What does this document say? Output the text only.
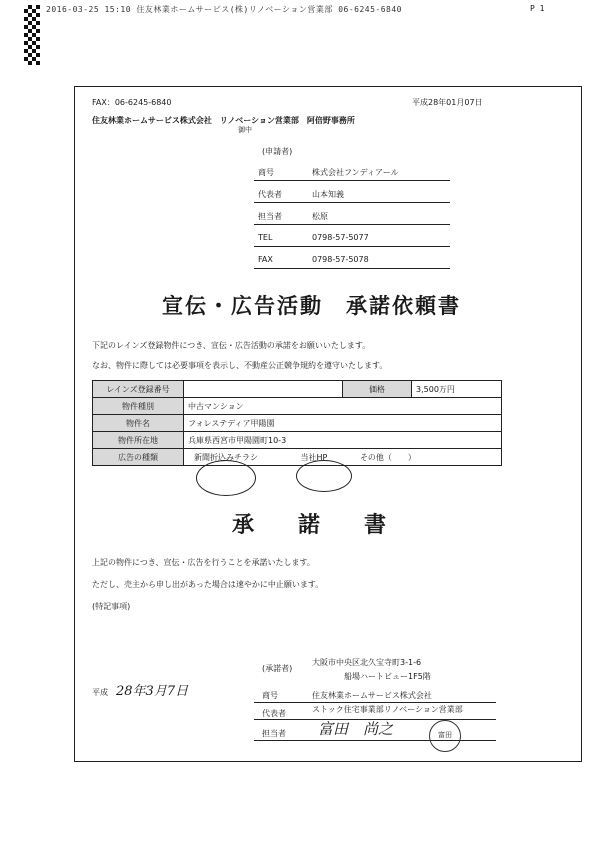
2016-03-25 15:10 住友林業ホームサービス(株)リノベーション営業部 06-6245-6840	P 1
FAX：06-6245-6840	平成28年01月07日
住友林業ホームサービス株式会社　リノベーション営業部　阿倍野事務所
御中
(申請者)
商号	株式会社フンディアール
代表者	山本知義
担当者	松原
TEL	0798-57-5077
FAX	0798-57-5078
宣伝・広告活動　承諾依頼書
下記のレインズ登録物件につき、宣伝・広告活動の承諾をお願いいたします。
なお、物件に際しては必要事項を表示し、不動産公正競争規約を遵守いたします。
レインズ登録番号		価格	3,500万円
物件種別	中古マンション		
物件名	フォレステディア甲陽園		
物件所在地	兵庫県西宮市甲陽園町10-3		
広告の種類	新聞折込みチラシ 当社HP その他（　　）		
承　　諾　　書
上記の物件につき、宣伝・広告を行うことを承諾いたします。
ただし、売主から申し出があった場合は速やかに中止願います。
(特記事項)
(承諾者)
大阪市中央区北久宝寺町3-1-6
船場ハートビュー1F5階
平成 28年3月7日	商号	住友林業ホームサービス株式会社
代表者	ストック住宅事業部リノベーション営業部
担当者 富田　尚之	富田
